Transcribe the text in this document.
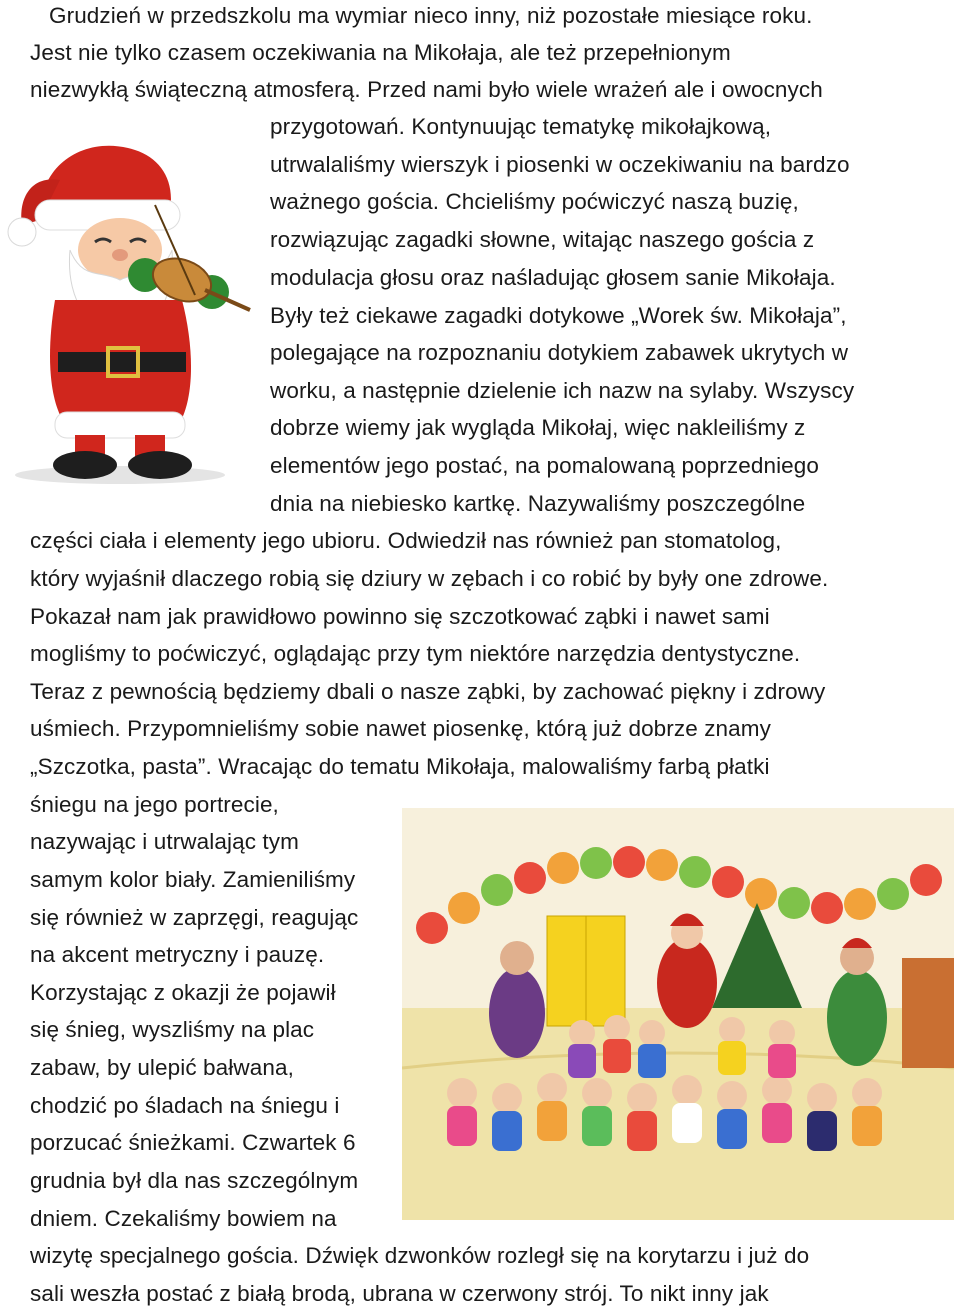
Grudzień w przedszkolu ma wymiar nieco inny, niż pozostałe miesiące roku.
Jest nie tylko czasem oczekiwania na Mikołaja, ale też przepełnionym
niezwykłą świąteczną atmosferą. Przed nami było wiele wrażeń ale i owocnych
przygotowań. Kontynuując tematykę mikołajkową,
utrwalaliśmy wierszyk i piosenki w oczekiwaniu na bardzo
ważnego gościa. Chcieliśmy poćwiczyć naszą buzię,
rozwiązując zagadki słowne, witając naszego gościa z
modulacja głosu oraz naśladując głosem sanie Mikołaja.
Były też ciekawe zagadki dotykowe „Worek św. Mikołaja”,
polegające na rozpoznaniu dotykiem zabawek ukrytych w
worku, a następnie dzielenie ich nazw na sylaby. Wszyscy
dobrze wiemy jak wygląda Mikołaj, więc nakleiliśmy z
elementów jego postać, na pomalowaną poprzedniego
dnia na niebiesko kartkę. Nazywaliśmy poszczególne
części ciała i elementy jego ubioru. Odwiedził nas również pan stomatolog,
który wyjaśnił dlaczego robią się dziury w zębach i co robić by były one zdrowe.
Pokazał nam jak prawidłowo powinno się szczotkować ząbki i nawet sami
mogliśmy to poćwiczyć, oglądając przy tym niektóre narzędzia dentystyczne.
Teraz z pewnością będziemy dbali o nasze ząbki, by zachować piękny i zdrowy
uśmiech. Przypomnieliśmy sobie nawet piosenkę, którą już dobrze znamy
„Szczotka, pasta”. Wracając do tematu Mikołaja, malowaliśmy farbą płatki
śniegu na jego portrecie,
nazywając i utrwalając tym
samym kolor biały. Zamieniliśmy
się również w zaprzęgi, reagując
na akcent metryczny i pauzę.
Korzystając z okazji że pojawił
się śnieg, wyszliśmy na plac
zabaw, by ulepić bałwana,
chodzić po śladach na śniegu i
porzucać śnieżkami. Czwartek 6
grudnia był dla nas szczególnym
dniem. Czekaliśmy bowiem na
wizytę specjalnego gościa. Dźwięk dzwonków rozległ się na korytarzu i już do
sali weszła postać z białą brodą, ubrana w czerwony strój. To nikt inny jak
